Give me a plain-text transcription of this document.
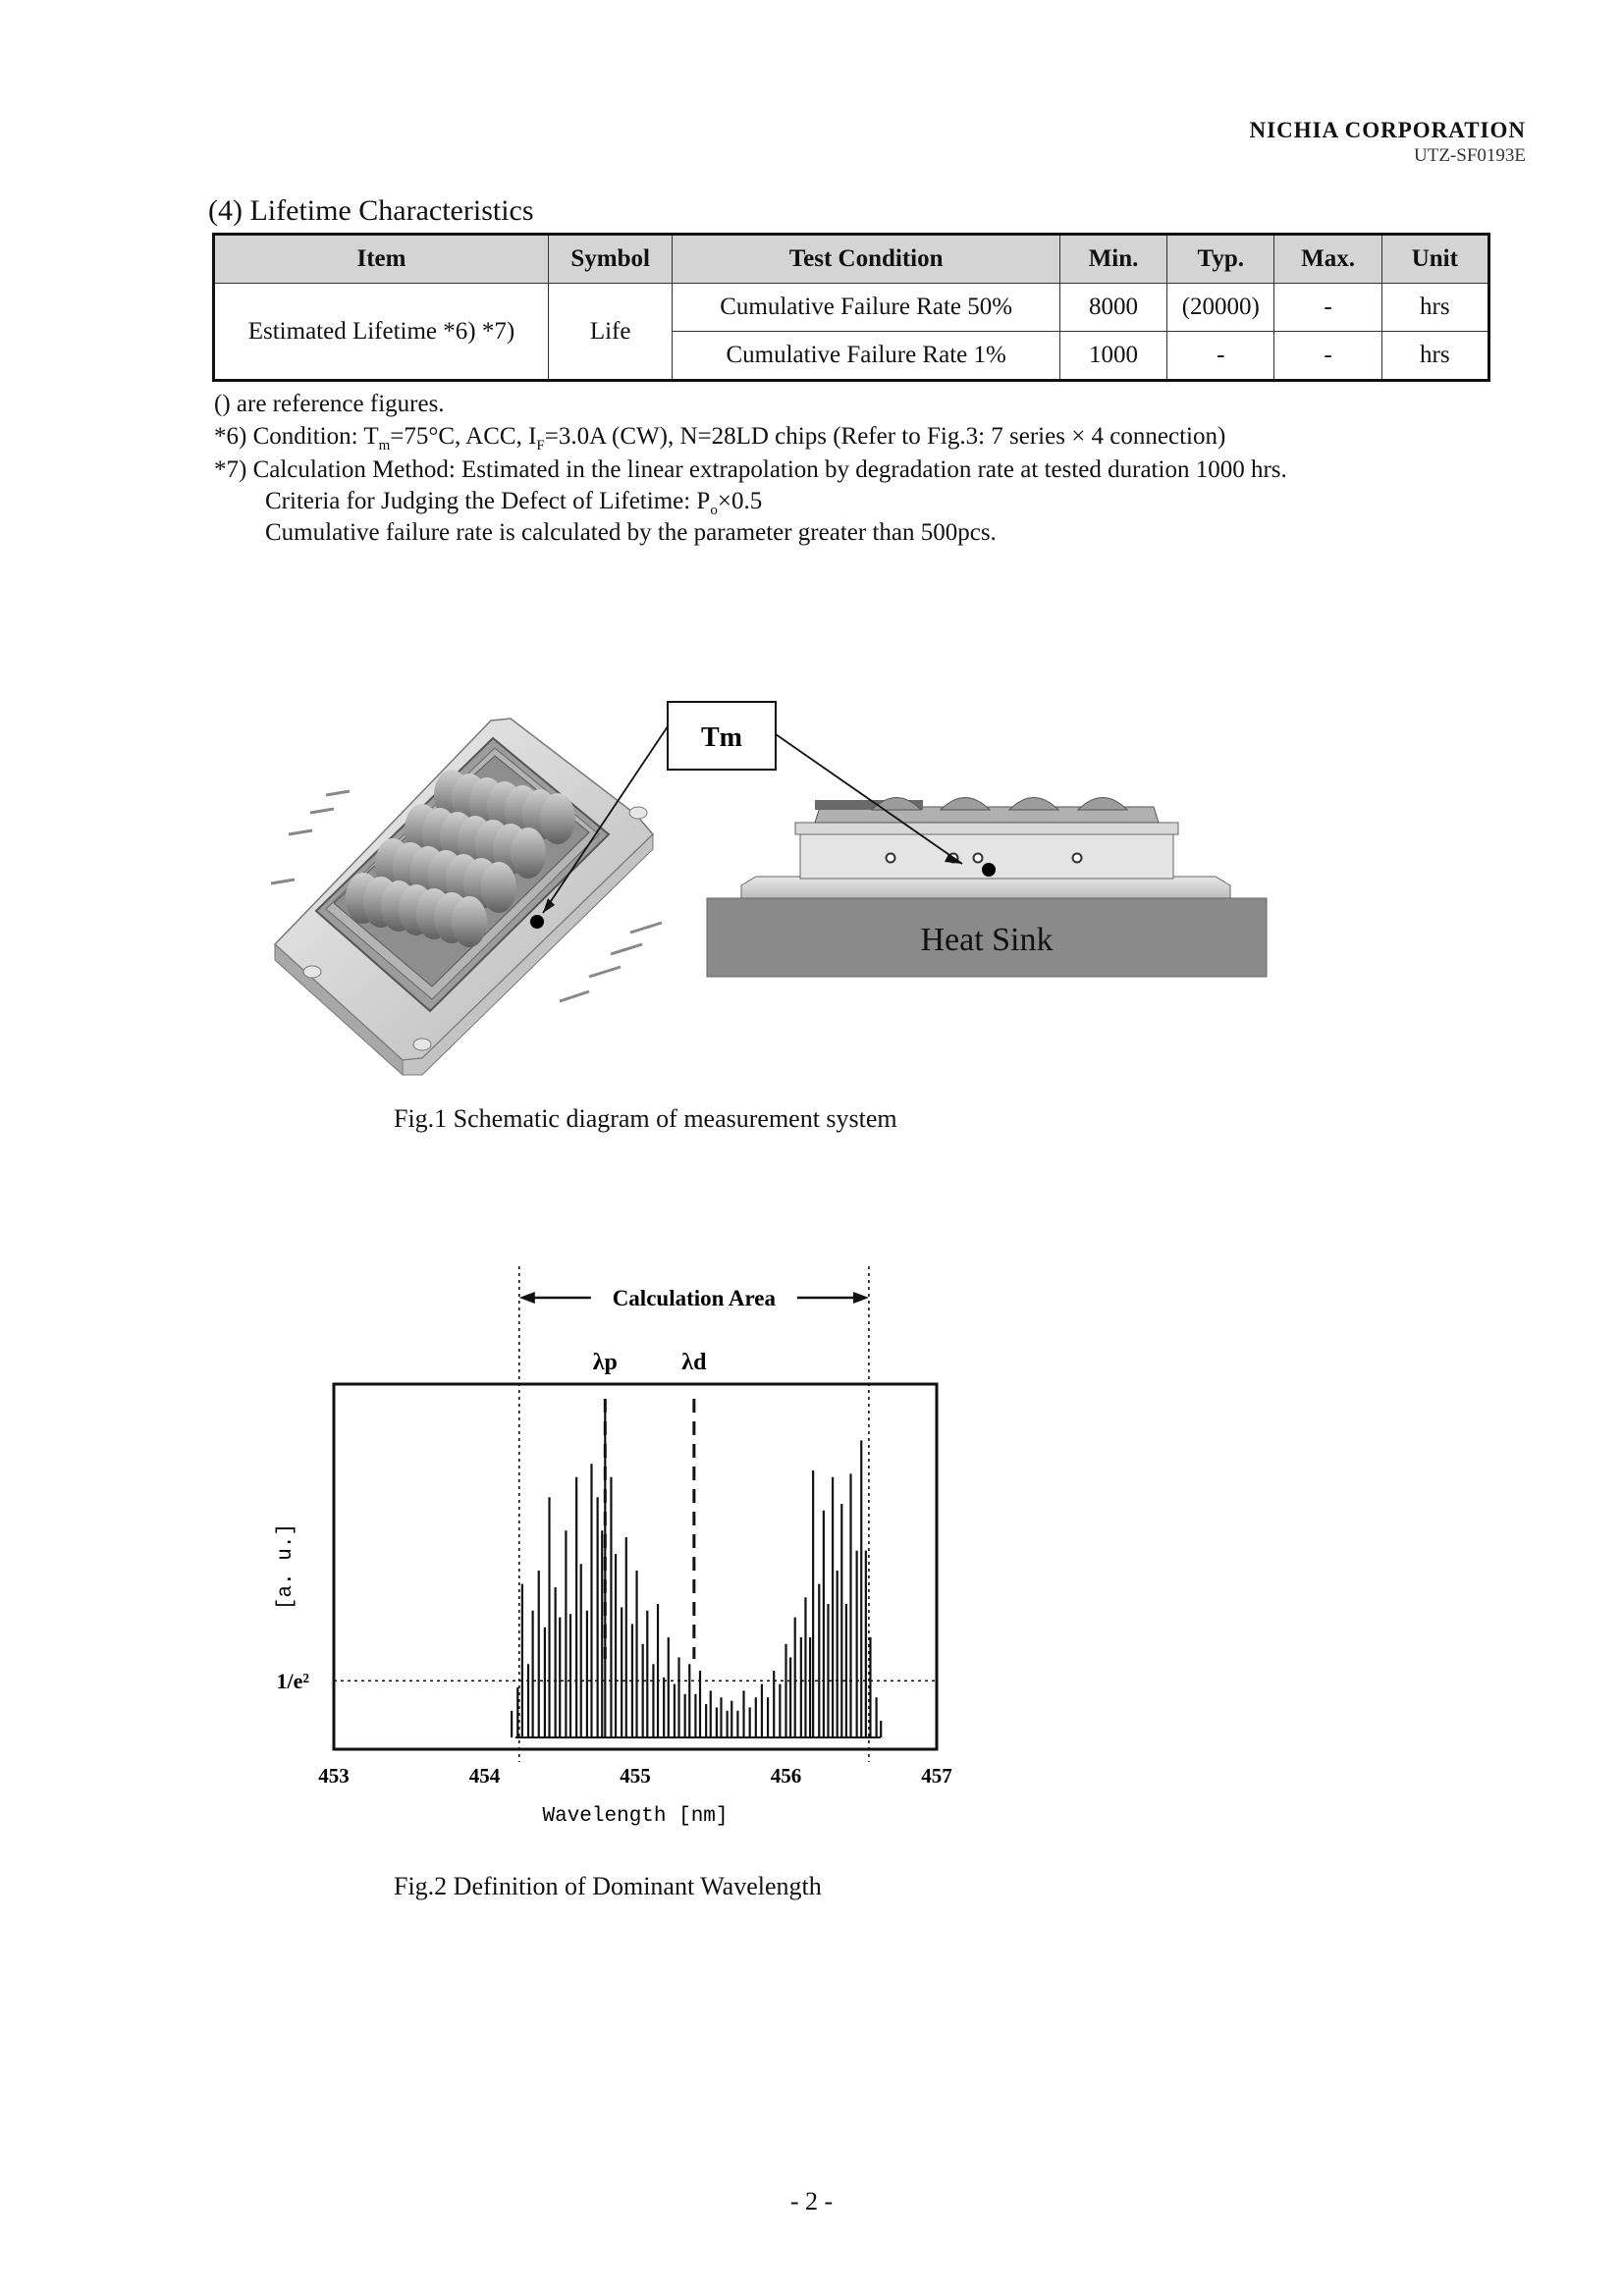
NICHIA CORPORATION
UTZ-SF0193E
(4) Lifetime Characteristics
Item	Symbol	Test Condition	Min.	Typ.	Max.	Unit
Estimated Lifetime *6) *7)	Life	Cumulative Failure Rate 50%	8000	(20000)	-	hrs
		Cumulative Failure Rate 1%	1000	-	-	hrs
() are reference figures.
*6) Condition: $T_m=75^\circ C$, ACC, $I_F=3.0A$ (CW), N=28LD chips (Refer to Fig.3: 7 series × 4 connection)
*7) Calculation Method: Estimated in the linear extrapolation by degradation rate at tested duration 1000 hrs.
Criteria for Judging the Defect of Lifetime: $P_o\times 0.5$
Cumulative failure rate is calculated by the parameter greater than 500pcs.
Heat Sink
Tm
Fig.1 Schematic diagram of measurement system
Calculation Area
1/e²
λp	λd
453	454	455	456	457
Wavelength [nm]
[a. u.]
Fig.2 Definition of Dominant Wavelength
- 2 -
